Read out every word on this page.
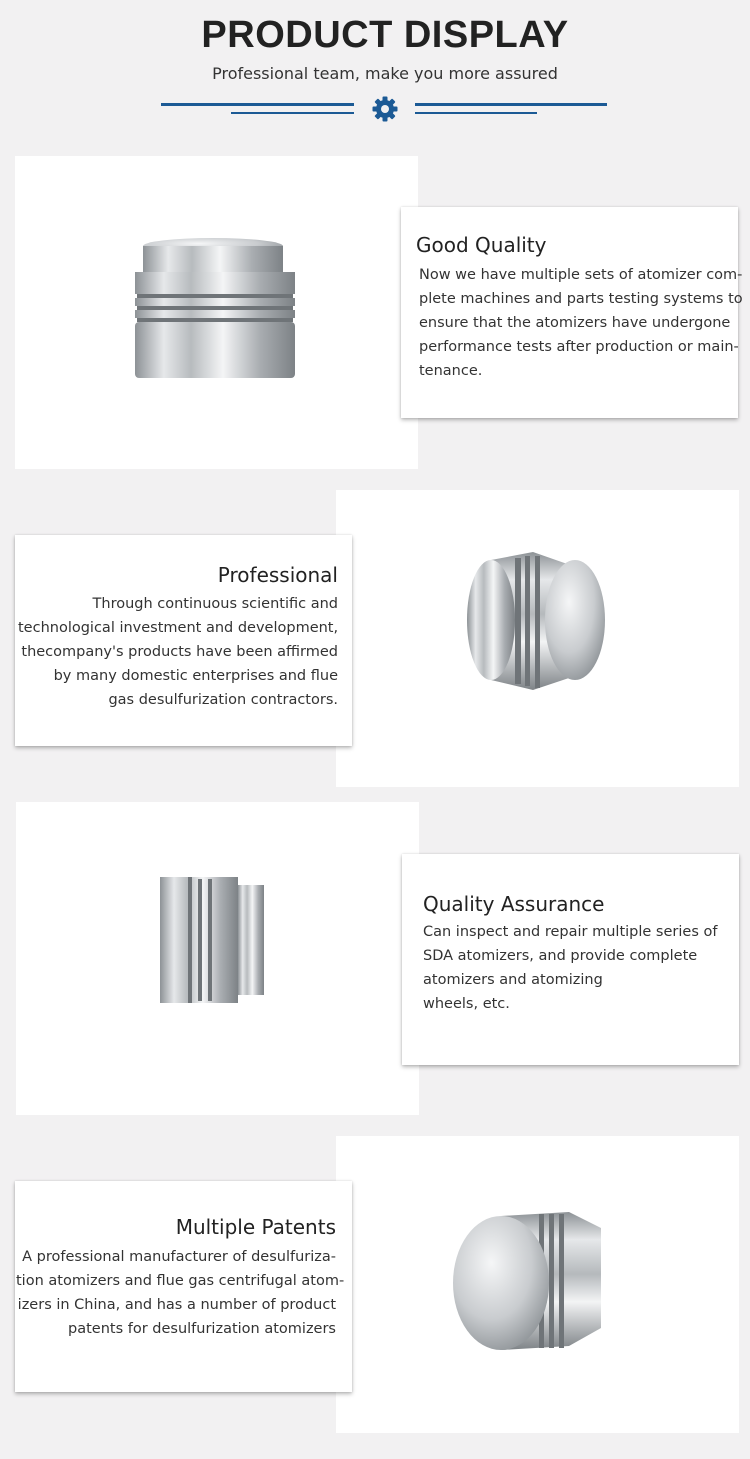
PRODUCT DISPLAY
Professional team, make you more assured
Good Quality
Now we have multiple sets of atomizer com-
plete machines and parts testing systems to
ensure that the atomizers have undergone
performance tests after production or main-
tenance.
Professional
Through continuous scientific and
technological investment and development,
thecompany's products have been affirmed
by many domestic enterprises and flue
gas desulfurization contractors.
Quality Assurance
Can inspect and repair multiple series of
SDA atomizers, and provide complete
atomizers and atomizing
wheels, etc.
Multiple Patents
A professional manufacturer of desulfuriza-
tion atomizers and flue gas centrifugal atom-
izers in China, and has a number of product
patents for desulfurization atomizers
